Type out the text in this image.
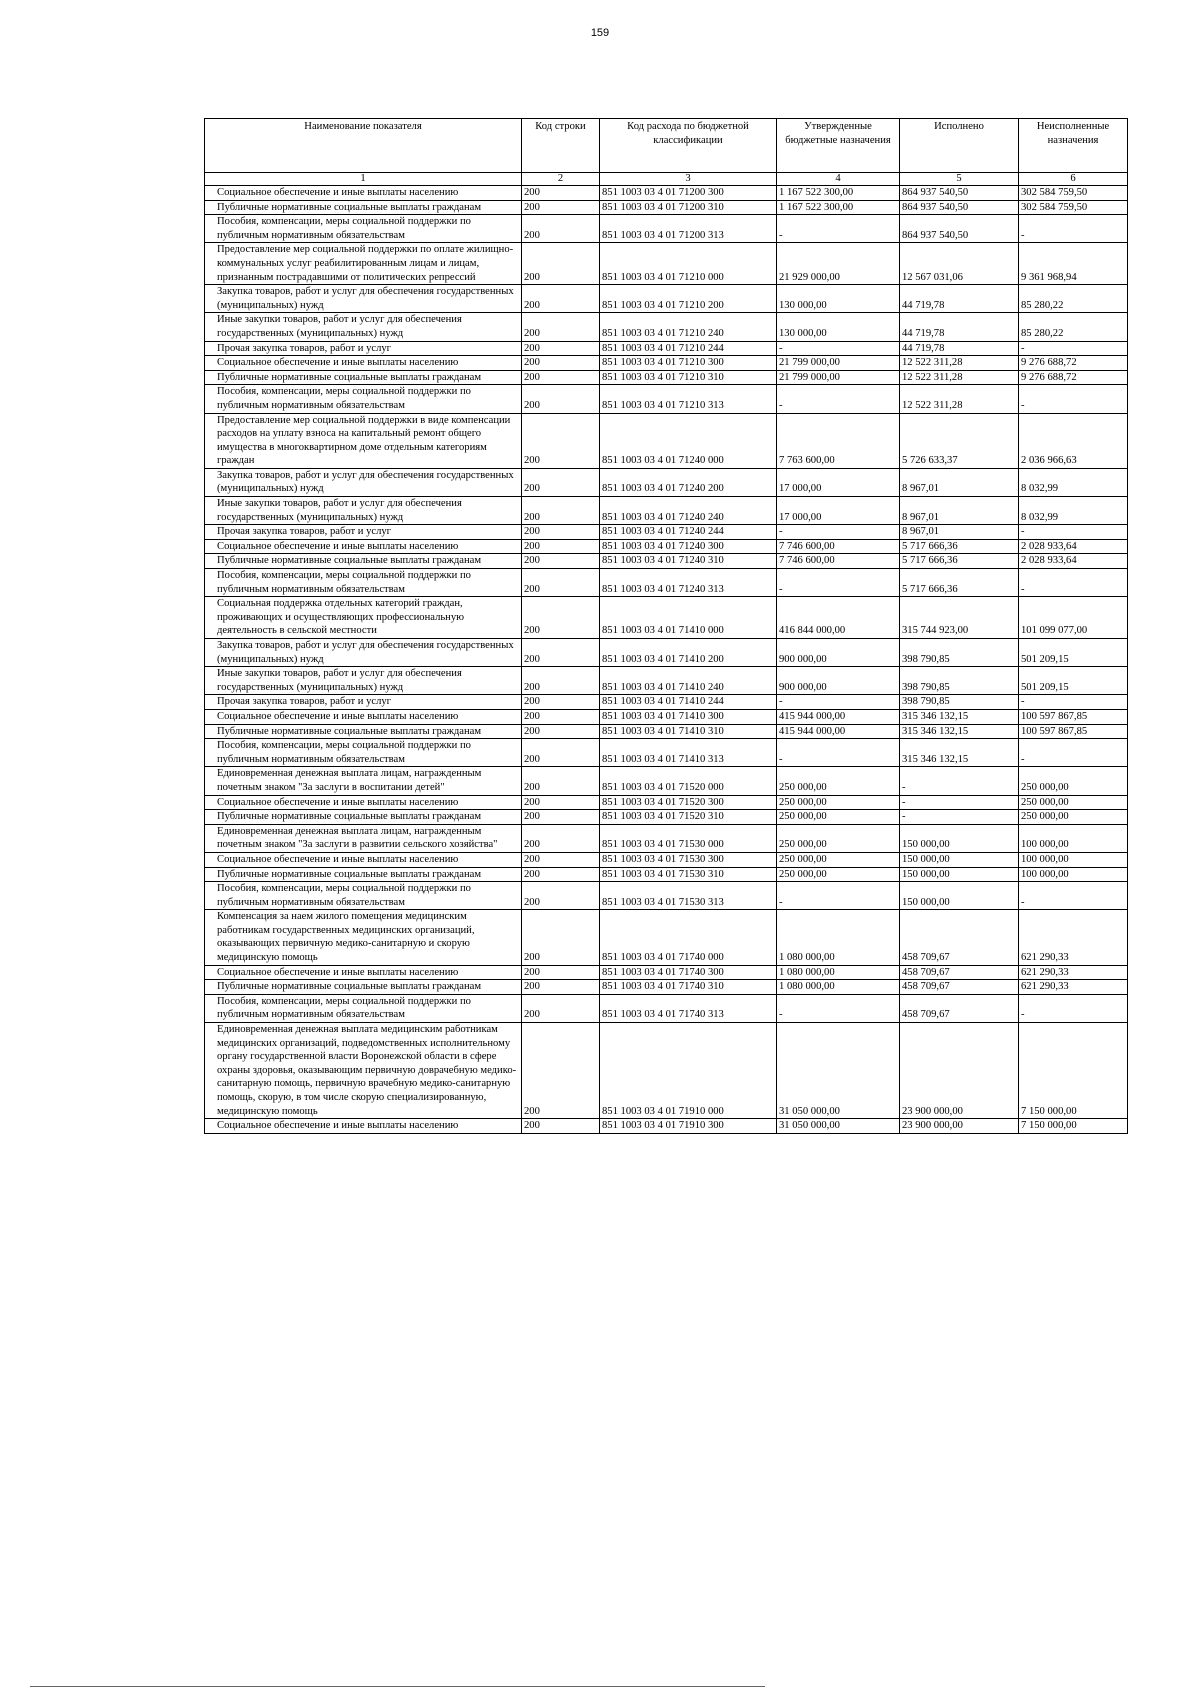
159
Наименование показателя	Код строки	Код расхода по бюджетной классификации	Утвержденные бюджетные назначения	Исполнено	Неисполненные назначения
1	2	3	4	5	6

Социальное обеспечение и иные выплаты населению	200	851 1003 03 4 01 71200 300	1 167 522 300,00	864 937 540,50	302 584 759,50

Публичные нормативные социальные выплаты гражданам	200	851 1003 03 4 01 71200 310	1 167 522 300,00	864 937 540,50	302 584 759,50

Пособия, компенсации, меры социальной поддержки по публичным нормативным обязательствам	200	851 1003 03 4 01 71200 313	-	864 937 540,50	-

Предоставление мер социальной поддержки по оплате жилищно-коммунальных услуг реабилитированным лицам и лицам, признанным пострадавшими от политических репрессий	200	851 1003 03 4 01 71210 000	21 929 000,00	12 567 031,06	9 361 968,94

Закупка товаров, работ и услуг для обеспечения государственных (муниципальных) нужд	200	851 1003 03 4 01 71210 200	130 000,00	44 719,78	85 280,22

Иные закупки товаров, работ и услуг для обеспечения государственных (муниципальных) нужд	200	851 1003 03 4 01 71210 240	130 000,00	44 719,78	85 280,22

Прочая закупка товаров, работ и услуг	200	851 1003 03 4 01 71210 244	-	44 719,78	-

Социальное обеспечение и иные выплаты населению	200	851 1003 03 4 01 71210 300	21 799 000,00	12 522 311,28	9 276 688,72

Публичные нормативные социальные выплаты гражданам	200	851 1003 03 4 01 71210 310	21 799 000,00	12 522 311,28	9 276 688,72

Пособия, компенсации, меры социальной поддержки по публичным нормативным обязательствам	200	851 1003 03 4 01 71210 313	-	12 522 311,28	-

Предоставление мер социальной поддержки в виде компенсации расходов на уплату взноса на капитальный ремонт общего имущества в многоквартирном доме отдельным категориям граждан	200	851 1003 03 4 01 71240 000	7 763 600,00	5 726 633,37	2 036 966,63

Закупка товаров, работ и услуг для обеспечения государственных (муниципальных) нужд	200	851 1003 03 4 01 71240 200	17 000,00	8 967,01	8 032,99

Иные закупки товаров, работ и услуг для обеспечения государственных (муниципальных) нужд	200	851 1003 03 4 01 71240 240	17 000,00	8 967,01	8 032,99

Прочая закупка товаров, работ и услуг	200	851 1003 03 4 01 71240 244	-	8 967,01	-

Социальное обеспечение и иные выплаты населению	200	851 1003 03 4 01 71240 300	7 746 600,00	5 717 666,36	2 028 933,64

Публичные нормативные социальные выплаты гражданам	200	851 1003 03 4 01 71240 310	7 746 600,00	5 717 666,36	2 028 933,64

Пособия, компенсации, меры социальной поддержки по публичным нормативным обязательствам	200	851 1003 03 4 01 71240 313	-	5 717 666,36	-

Социальная поддержка отдельных категорий граждан, проживающих и осуществляющих профессиональную деятельность в сельской местности	200	851 1003 03 4 01 71410 000	416 844 000,00	315 744 923,00	101 099 077,00

Закупка товаров, работ и услуг для обеспечения государственных (муниципальных) нужд	200	851 1003 03 4 01 71410 200	900 000,00	398 790,85	501 209,15

Иные закупки товаров, работ и услуг для обеспечения государственных (муниципальных) нужд	200	851 1003 03 4 01 71410 240	900 000,00	398 790,85	501 209,15

Прочая закупка товаров, работ и услуг	200	851 1003 03 4 01 71410 244	-	398 790,85	-

Социальное обеспечение и иные выплаты населению	200	851 1003 03 4 01 71410 300	415 944 000,00	315 346 132,15	100 597 867,85

Публичные нормативные социальные выплаты гражданам	200	851 1003 03 4 01 71410 310	415 944 000,00	315 346 132,15	100 597 867,85

Пособия, компенсации, меры социальной поддержки по публичным нормативным обязательствам	200	851 1003 03 4 01 71410 313	-	315 346 132,15	-

Единовременная денежная выплата лицам, награжденным почетным знаком "За заслуги в воспитании детей"	200	851 1003 03 4 01 71520 000	250 000,00	-	250 000,00

Социальное обеспечение и иные выплаты населению	200	851 1003 03 4 01 71520 300	250 000,00	-	250 000,00

Публичные нормативные социальные выплаты гражданам	200	851 1003 03 4 01 71520 310	250 000,00	-	250 000,00

Единовременная денежная выплата лицам, награжденным почетным знаком "За заслуги в развитии сельского хозяйства"	200	851 1003 03 4 01 71530 000	250 000,00	150 000,00	100 000,00

Социальное обеспечение и иные выплаты населению	200	851 1003 03 4 01 71530 300	250 000,00	150 000,00	100 000,00

Публичные нормативные социальные выплаты гражданам	200	851 1003 03 4 01 71530 310	250 000,00	150 000,00	100 000,00

Пособия, компенсации, меры социальной поддержки по публичным нормативным обязательствам	200	851 1003 03 4 01 71530 313	-	150 000,00	-

Компенсация за наем жилого помещения медицинским работникам государственных медицинских организаций, оказывающих первичную медико-санитарную и скорую медицинскую помощь	200	851 1003 03 4 01 71740 000	1 080 000,00	458 709,67	621 290,33

Социальное обеспечение и иные выплаты населению	200	851 1003 03 4 01 71740 300	1 080 000,00	458 709,67	621 290,33

Публичные нормативные социальные выплаты гражданам	200	851 1003 03 4 01 71740 310	1 080 000,00	458 709,67	621 290,33

Пособия, компенсации, меры социальной поддержки по публичным нормативным обязательствам	200	851 1003 03 4 01 71740 313	-	458 709,67	-

Единовременная денежная выплата медицинским работникам медицинских организаций, подведомственных исполнительному органу государственной власти Воронежской области в сфере охраны здоровья, оказывающим первичную доврачебную медико-санитарную помощь, первичную врачебную медико-санитарную помощь, скорую, в том числе скорую специализированную, медицинскую помощь	200	851 1003 03 4 01 71910 000	31 050 000,00	23 900 000,00	7 150 000,00

Социальное обеспечение и иные выплаты населению	200	851 1003 03 4 01 71910 300	31 050 000,00	23 900 000,00	7 150 000,00
